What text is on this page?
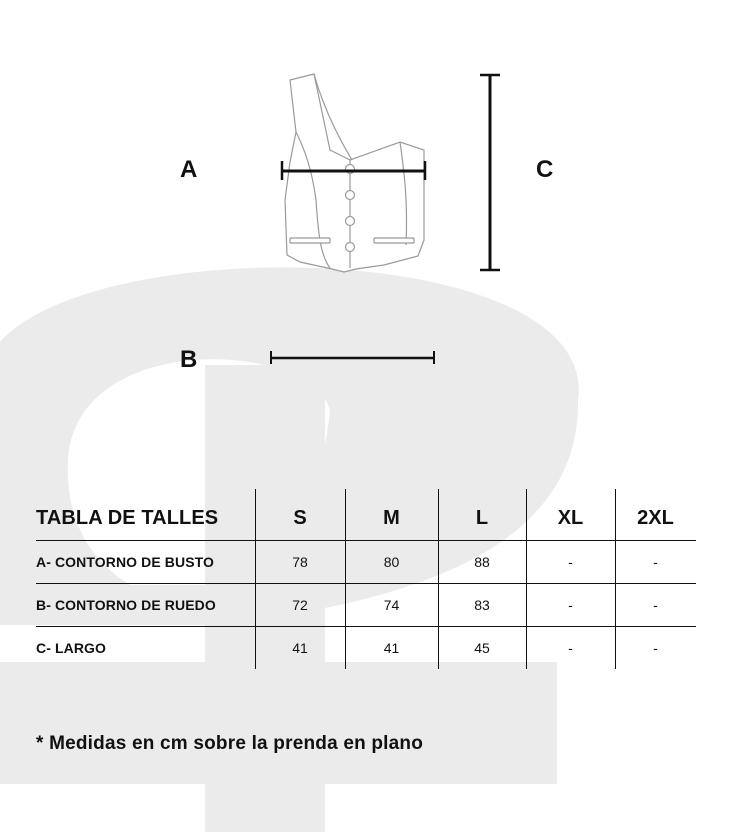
A	C
B
TABLA DE TALLES	S	M	L	XL	2XL
A- CONTORNO DE BUSTO	78	80	88	-	-
B- CONTORNO DE RUEDO	72	74	83	-	-
C- LARGO	41	41	45	-	-
* Medidas en cm sobre la prenda en plano
